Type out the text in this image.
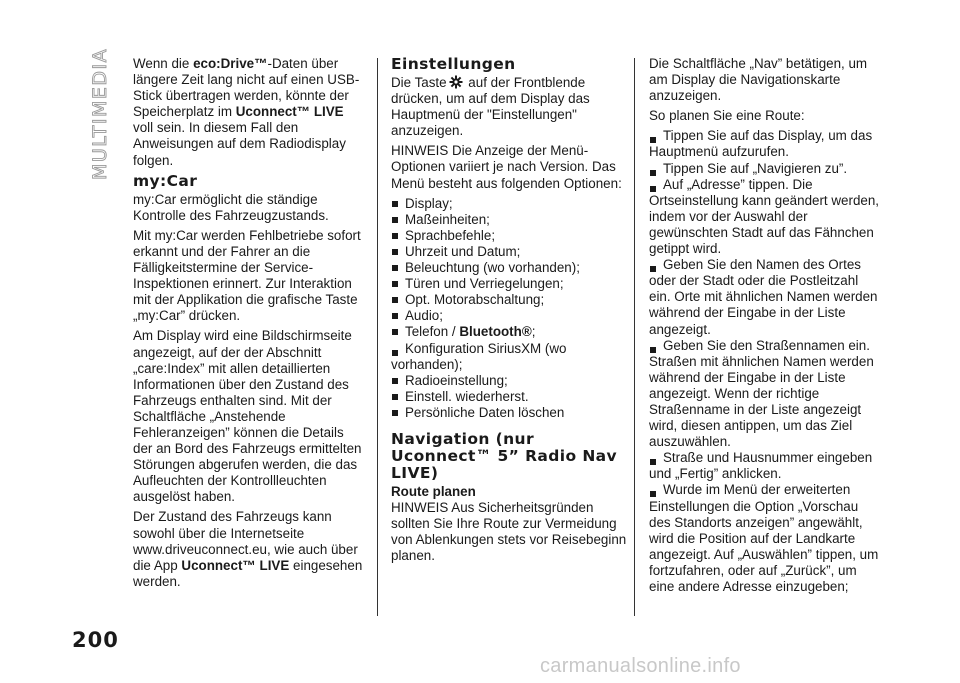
MULTIMEDIA Wenn die eco:Drive™-Daten über längere Zeit lang nicht auf einen USB-Stick übertragen werden, könnte der Speicherplatz im Uconnect™ LIVE voll sein. In diesem Fall den Anweisungen auf dem Radiodisplay folgen.

my:Car

my:Car ermöglicht die ständige Kontrolle des Fahrzeugzustands.

Mit my:Car werden Fehlbetriebe sofort erkannt und der Fahrer an die Fälligkeitstermine der Service-Inspektionen erinnert. Zur Interaktion mit der Applikation die grafische Taste „my:Car” drücken.

Am Display wird eine Bildschirmseite angezeigt, auf der der Abschnitt „care:Index” mit allen detaillierten Informationen über den Zustand des Fahrzeugs enthalten sind. Mit der Schaltfläche „Anstehende Fehleranzeigen” können die Details der an Bord des Fahrzeugs ermittelten Störungen abgerufen werden, die das Aufleuchten der Kontrollleuchten ausgelöst haben.

Der Zustand des Fahrzeugs kann sowohl über die Internetseite www.driveuconnect.eu, wie auch über die App Uconnect™ LIVE eingesehen werden.

Einstellungen

Die Taste auf der Frontblende drücken, um auf dem Display das Hauptmenü der "Einstellungen" anzuzeigen.

HINWEIS Die Anzeige der Menü-Optionen variiert je nach Version. Das Menü besteht aus folgenden Optionen:

Display;
Maßeinheiten;
Sprachbefehle;
Uhrzeit und Datum;
Beleuchtung (wo vorhanden);
Türen und Verriegelungen;
Opt. Motorabschaltung;
Audio;
Telefon / Bluetooth®;
Konfiguration SiriusXM (wo vorhanden);
Radioeinstellung;
Einstell. wiederherst.
Persönliche Daten löschen
Navigation (nur Uconnect™ 5” Radio Nav LIVE)
Route planen

HINWEIS Aus Sicherheitsgründen sollten Sie Ihre Route zur Vermeidung von Ablenkungen stets vor Reisebeginn planen.

Die Schaltfläche „Nav” betätigen, um am Display die Navigationskarte anzuzeigen.

So planen Sie eine Route:

Tippen Sie auf das Display, um das Hauptmenü aufzurufen.
Tippen Sie auf „Navigieren zu”.
Auf „Adresse” tippen. Die Ortseinstellung kann geändert werden, indem vor der Auswahl der gewünschten Stadt auf das Fähnchen getippt wird.
Geben Sie den Namen des Ortes oder der Stadt oder die Postleitzahl ein. Orte mit ähnlichen Namen werden während der Eingabe in der Liste angezeigt.
Geben Sie den Straßennamen ein. Straßen mit ähnlichen Namen werden während der Eingabe in der Liste angezeigt. Wenn der richtige Straßenname in der Liste angezeigt wird, diesen antippen, um das Ziel auszuwählen.
Straße und Hausnummer eingeben und „Fertig” anklicken.
Wurde im Menü der erweiterten Einstellungen die Option „Vorschau des Standorts anzeigen” angewählt, wird die Position auf der Landkarte angezeigt. Auf „Auswählen” tippen, um fortzufahren, oder auf „Zurück”, um eine andere Adresse einzugeben;
200
carmanualsonline.info
